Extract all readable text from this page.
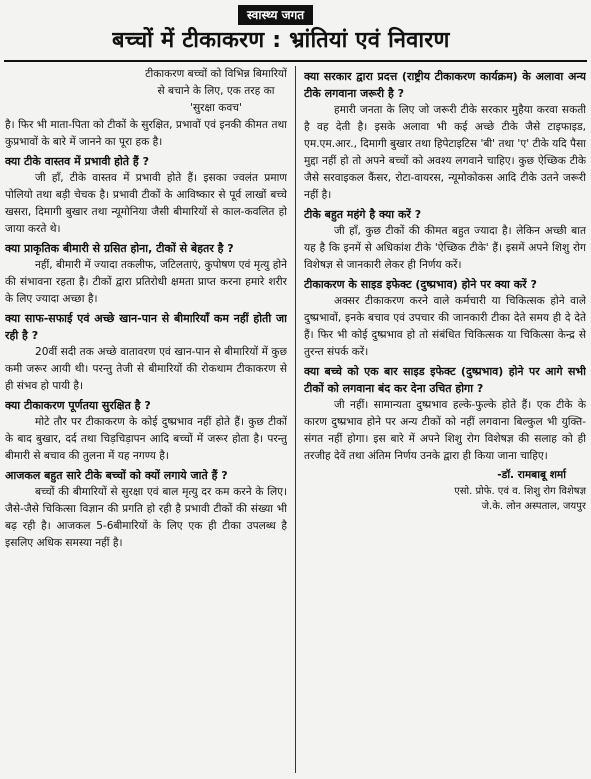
स्वास्थ्य जगत
बच्चों में टीकाकरण : भ्रांतियां एवं निवारण

टीकाकरण बच्चों को विभिन्न बिमारियों से बचाने के लिए, एक तरह का 'सुरक्षा कवच'

है। फिर भी माता-पिता को टीकों के सुरक्षित, प्रभावों एवं इनकी कीमत तथा कुप्रभावों के बारे में जानने का पूरा हक है।

क्या टीके वास्तव में प्रभावी होते हैं ?

जी हाँ, टीके वास्तव में प्रभावी होते हैं। इसका ज्वलंत प्रमाण पोलियो तथा बड़ी चेचक है। प्रभावी टीकों के आविष्कार से पूर्व लाखों बच्चे खसरा, दिमागी बुखार तथा न्यूमोनिया जैसी बीमारियों से काल-कवलित हो जाया करते थे।

क्या प्राकृतिक बीमारी से ग्रसित होना, टीकों से बेहतर है ?

नहीं, बीमारी में ज्यादा तकलीफ, जटिलताएं, कुपोषण एवं मृत्यु होने की संभावना रहता है। टीकों द्वारा प्रतिरोधी क्षमता प्राप्त करना हमारे शरीर के लिए ज्यादा अच्छा है।

क्या साफ-सफाई एवं अच्छे खान-पान से बीमारियाँ कम नहीं होती जा रही है ?

20वीं सदी तक अच्छे वातावरण एवं खान-पान से बीमारियों में कुछ कमी जरूर आयी थी। परन्तु तेजी से बीमारियों की रोकथाम टीकाकरण से ही संभव हो पायी है।

क्या टीकाकरण पूर्णतया सुरक्षित है ?

मोटे तौर पर टीकाकरण के कोई दुष्प्रभाव नहीं होते हैं। कुछ टीकों के बाद बुखार, दर्द तथा चिड़चिड़ापन आदि बच्चों में जरूर होता है। परन्तु बीमारी से बचाव की तुलना में यह नगण्य है।

आजकल बहुत सारे टीके बच्चों को क्यों लगाये जाते हैं ?

बच्चों की बीमारियों से सुरक्षा एवं बाल मृत्यु दर कम करने के लिए। जैसे-जैसे चिकित्सा विज्ञान की प्रगति हो रही है प्रभावी टीकों की संख्या भी बढ़ रही है। आजकल 5-6बीमारियों के लिए एक ही टीका उपलब्ध है इसलिए अधिक समस्या नहीं है।

क्या सरकार द्वारा प्रदत्त (राष्ट्रीय टीकाकरण कार्यक्रम) के अलावा अन्य टीके लगवाना जरूरी है ?

हमारी जनता के लिए जो जरूरी टीके सरकार मुहैया करवा सकती है वह देती है। इसके अलावा भी कई अच्छे टीके जैसे टाइफाइड, एम.एम.आर., दिमागी बुखार तथा हिपेटाइटिस 'बी' तथा 'ए' टीके यदि पैसा मुद्दा नहीं हो तो अपने बच्चों को अवश्य लगवाने चाहिए। कुछ ऐच्छिक टीके जैसे सरवाइकल कैंसर, रोटा-वायरस, न्यूमोकोकस आदि टीके उतने जरूरी नहीं है।

टीके बहुत महंगे है क्या करें ?

जी हाँ, कुछ टीकों की कीमत बहुत ज्यादा है। लेकिन अच्छी बात यह है कि इनमें से अधिकांश टीके 'ऐच्छिक टीके' हैं। इसमें अपने शिशु रोग विशेषज्ञ से जानकारी लेकर ही निर्णय करें।

टीकाकरण के साइड इफेक्ट (दुष्प्रभाव) होने पर क्या करें ?

अक्सर टीकाकरण करने वाले कर्मचारी या चिकित्सक होने वाले दुष्प्रभावों, इनके बचाव एवं उपचार की जानकारी टीका देते समय ही दे देते हैं। फिर भी कोई दुष्प्रभाव हो तो संबंधित चिकित्सक या चिकित्सा केन्द्र से तुरन्त संपर्क करें।

क्या बच्चे को एक बार साइड इफेक्ट (दुष्प्रभाव) होने पर आगे सभी टीकों को लगवाना बंद कर देना उचित होगा ?

जी नहीं। सामान्यता दुष्प्रभाव हल्के-फुल्के होते हैं। एक टीके के कारण दुष्प्रभाव होने पर अन्य टीकों को नहीं लगवाना बिल्कुल भी युक्ति-संगत नहीं होगा। इस बारे में अपने शिशु रोग विशेषज्ञ की सलाह को ही तरजीह देवें तथा अंतिम निर्णय उनके द्वारा ही किया जाना चाहिए।

-डॉ. रामबाबू शर्मा

एसो. प्रोफे. एवं व. शिशु रोग विशेषज्ञ

जे.के. लोन अस्पताल, जयपुर
